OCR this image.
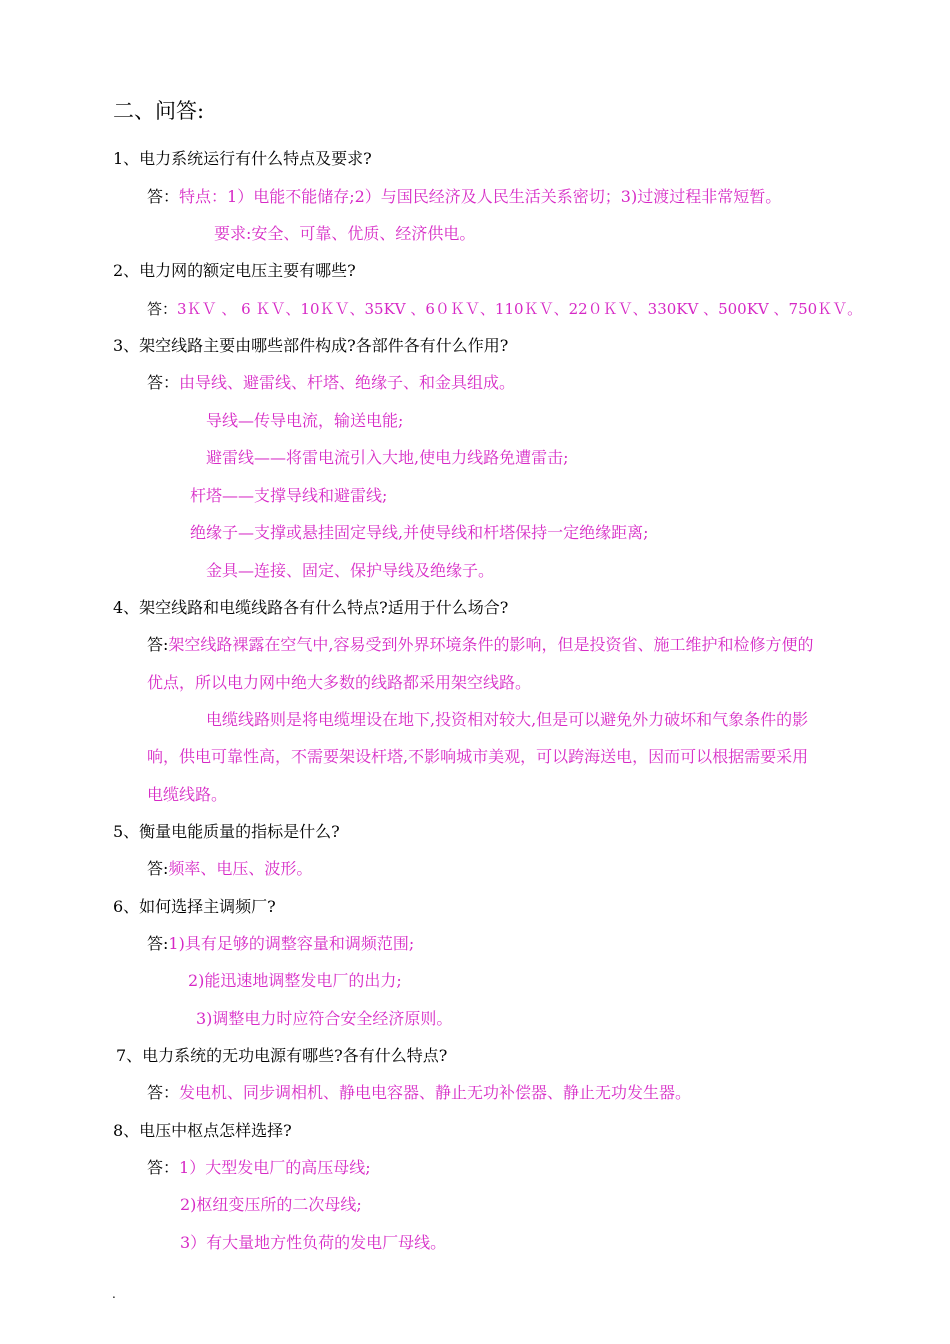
二、问答:
1、电力系统运行有什么特点及要求?
答：特点：1）电能不能储存;2）与国民经济及人民生活关系密切；3)过渡过程非常短暂。
要求:安全、可靠、优质、经济供电。
2、电力网的额定电压主要有哪些?
答：3ＫＶ 、 6 ＫＶ、10ＫＶ、35KV 、6０ＫＶ、110ＫＶ、22０ＫＶ、330KV 、500KV 、750ＫＶ。
3、架空线路主要由哪些部件构成?各部件各有什么作用?
答：由导线、避雷线、杆塔、绝缘子、和金具组成。
导线—传导电流，输送电能;
避雷线——将雷电流引入大地,使电力线路免遭雷击;
杆塔——支撑导线和避雷线;
绝缘子—支撑或悬挂固定导线,并使导线和杆塔保持一定绝缘距离;
金具—连接、固定、保护导线及绝缘子。
4、架空线路和电缆线路各有什么特点?适用于什么场合?
答:架空线路裸露在空气中,容易受到外界环境条件的影响，但是投资省、施工维护和检修方便的
优点，所以电力网中绝大多数的线路都采用架空线路。
电缆线路则是将电缆埋设在地下,投资相对较大,但是可以避免外力破坏和气象条件的影
响，供电可靠性高，不需要架设杆塔,不影响城市美观，可以跨海送电，因而可以根据需要采用
电缆线路。
5、衡量电能质量的指标是什么?
答:频率、电压、波形。
6、如何选择主调频厂?
答:1)具有足够的调整容量和调频范围;
2)能迅速地调整发电厂的出力;
3)调整电力时应符合安全经济原则。
7、电力系统的无功电源有哪些?各有什么特点?
答：发电机、同步调相机、静电电容器、静止无功补偿器、静止无功发生器。
8、电压中枢点怎样选择?
答：1）大型发电厂的高压母线;
2)枢纽变压所的二次母线;
3）有大量地方性负荷的发电厂母线。
.
